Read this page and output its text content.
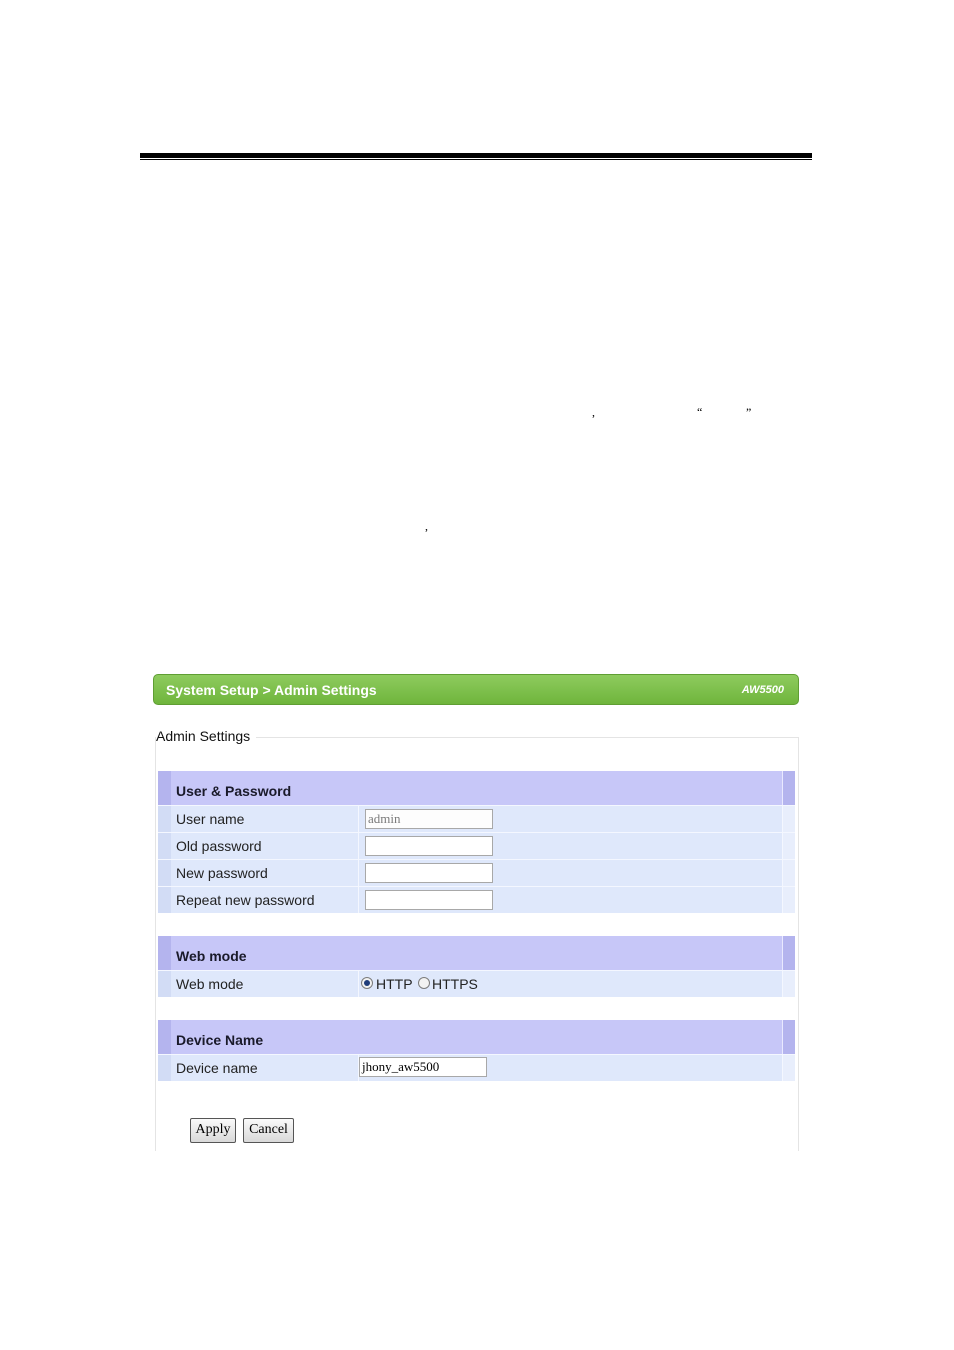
,	“	”
,
System Setup > Admin Settings	AW5500
Admin Settings
User & Password
User name	admin
Old password
New password
Repeat new password
Web mode
Web mode	HTTP HTTPS
Device Name
Device name	jhony_aw5500
Apply	Cancel
